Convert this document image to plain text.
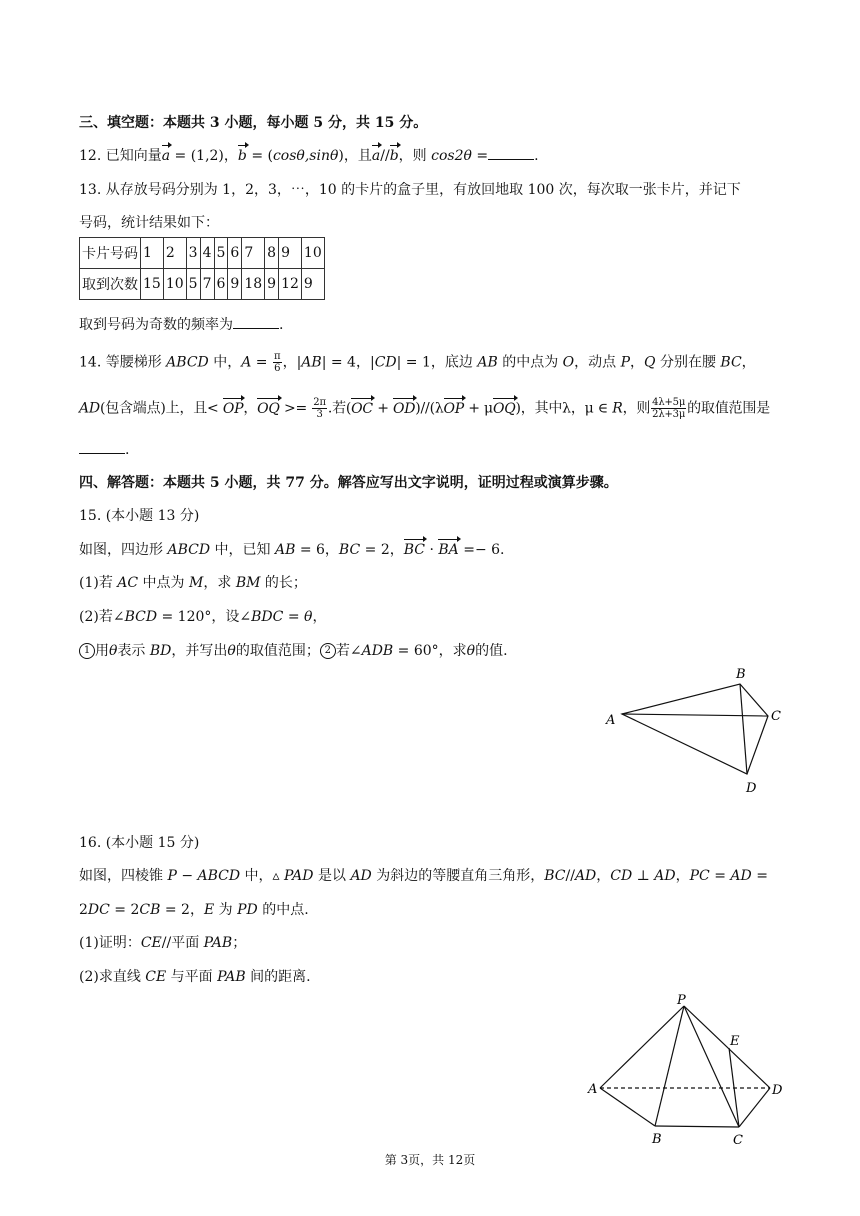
三、填空题：本题共 3 小题，每小题 5 分，共 15 分。
12. 已知向量a = (1,2)，b = (cosθ,sinθ)，且a//b，则 cos2θ =	.
13. 从存放号码分别为 1，2，3，⋯，10 的卡片的盒子里，有放回地取 100 次，每次取一张卡片，并记下
号码，统计结果如下：
卡片号码	1	2	3	4	5	6	7	8	9	10
取到次数	15	10	5	7	6	9	18	9	12	9
取到号码为奇数的频率为	.
14. 等腰梯形 ABCD 中，$A = \frac{\pi}{6}$ ，|AB| = 4，|CD| = 1，底边 AB 的中点为 O，动点 P，Q 分别在腰 BC，
AD(包含端点)上，且< OP，OQ >= $\frac{2\pi}{3}$ .若(OC + OD)//(λOP + μOQ)，其中λ，μ ∈ R，则 $\frac{4\lambda+5\mu}{2\lambda+3\mu}$ 的取值范围是
.
四、解答题：本题共 5 小题，共 77 分。解答应写出文字说明，证明过程或演算步骤。
15. (本小题 13 分)
如图，四边形 ABCD 中，已知 AB = 6，BC = 2，BC · BA =− 6.
(1)若 AC 中点为 M，求 BM 的长；
(2)若∠BCD = 120°，设∠BDC = θ，
1 用θ表示 BD，并写出θ的取值范围； 2 若∠ADB = 60°，求θ的值.
A
B
C
D
16. (本小题 15 分)
如图，四棱锥 P − ABCD 中，▵ PAD 是以 AD 为斜边的等腰直角三角形，BC//AD，CD ⊥ AD，PC = AD =
2DC = 2CB = 2，E 为 PD 的中点.
(1)证明：CE//平面 PAB；
(2)求直线 CE 与平面 PAB 间的距离.
P
A
B	C
D
E
第 3页，共 12页
